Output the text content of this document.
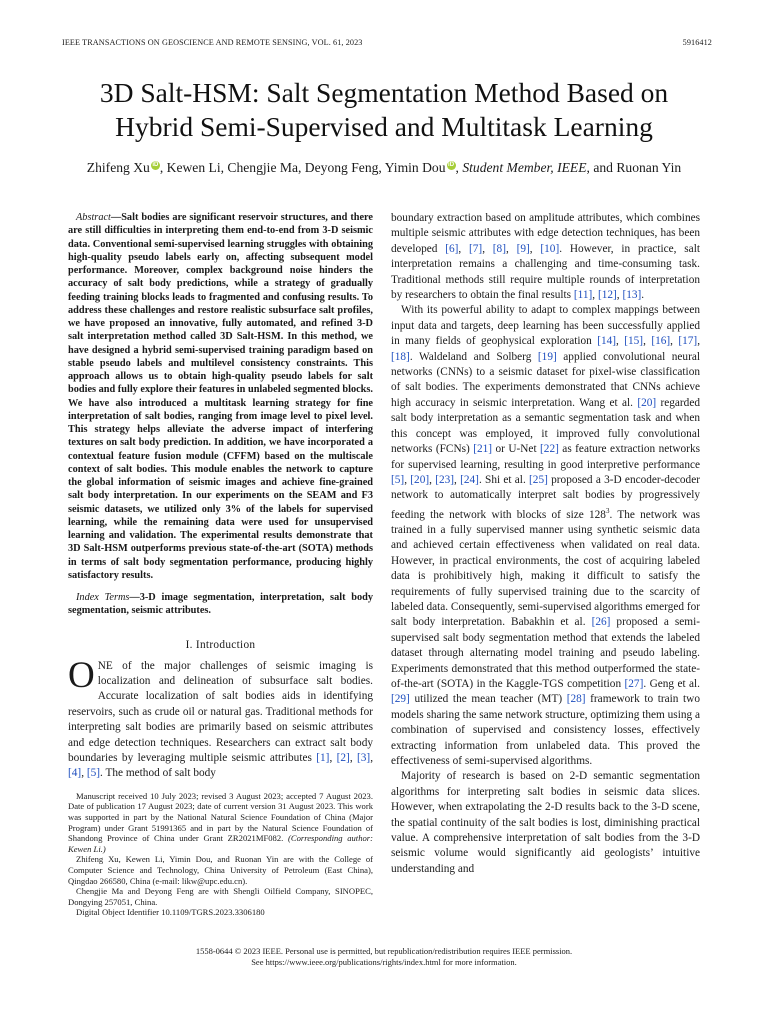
IEEE TRANSACTIONS ON GEOSCIENCE AND REMOTE SENSING, VOL. 61, 2023	5916412
3D Salt-HSM: Salt Segmentation Method Based on
Hybrid Semi-Supervised and Multitask Learning
Zhifeng Xu iD , Kewen Li, Chengjie Ma, Deyong Feng, Yimin Dou iD , Student Member, IEEE, and Ruonan Yin
Abstract—Salt bodies are significant reservoir structures, and there are still difficulties in interpreting them end-to-end from 3-D seismic data. Conventional semi-supervised learning struggles with obtaining high-quality pseudo labels early on, affecting subsequent model performance. Moreover, complex background noise hinders the accuracy of salt body predictions, while a strategy of gradually feeding training blocks leads to fragmented and confusing results. To address these challenges and restore realistic subsurface salt profiles, we have proposed an innovative, fully automated, and refined 3-D salt interpretation method called 3D Salt-HSM. In this method, we have designed a hybrid semi-supervised training paradigm based on stable pseudo labels and multilevel consistency constraints. This approach allows us to obtain high-quality pseudo labels for salt bodies and fully explore their features in unlabeled segmented blocks. We have also introduced a multitask learning strategy for fine interpretation of salt bodies, ranging from image level to pixel level. This strategy helps alleviate the adverse impact of interfering textures on salt body prediction. In addition, we have incorporated a contextual feature fusion module (CFFM) based on the multiscale context of salt bodies. This module enables the network to capture the global information of seismic images and achieve fine-grained salt body interpretation. In our experiments on the SEAM and F3 seismic datasets, we utilized only 3% of the labels for supervised learning, while the remaining data were used for unsupervised learning and validation. The experimental results demonstrate that 3D Salt-HSM outperforms previous state-of-the-art (SOTA) methods in terms of salt body segmentation performance, producing highly satisfactory results.
Index Terms—3-D image segmentation, interpretation, salt body segmentation, seismic attributes.
I. Introduction

ONE of the major challenges of seismic imaging is localization and delineation of subsurface salt bodies. Accurate localization of salt bodies aids in identifying reservoirs, such as crude oil or natural gas. Traditional methods for interpreting salt bodies are primarily based on seismic attributes and edge detection techniques. Researchers can extract salt body boundaries by leveraging multiple seismic attributes [1], [2], [3], [4], [5]. The method of salt body

Manuscript received 10 July 2023; revised 3 August 2023; accepted 7 August 2023. Date of publication 17 August 2023; date of current version 31 August 2023. This work was supported in part by the National Natural Science Foundation of China (Major Program) under Grant 51991365 and in part by the Natural Science Foundation of Shandong Province of China under Grant ZR2021MF082. (Corresponding author: Kewen Li.)

Zhifeng Xu, Kewen Li, Yimin Dou, and Ruonan Yin are with the College of Computer Science and Technology, China University of Petroleum (East China), Qingdao 266580, China (e-mail: likw@upc.edu.cn).

Chengjie Ma and Deyong Feng are with Shengli Oilfield Company, SINOPEC, Dongying 257051, China.

Digital Object Identifier 10.1109/TGRS.2023.3306180

boundary extraction based on amplitude attributes, which combines multiple seismic attributes with edge detection techniques, has been developed [6], [7], [8], [9], [10]. However, in practice, salt interpretation remains a challenging and time-consuming task. Traditional methods still require multiple rounds of interpretation by researchers to obtain the final results [11], [12], [13].

With its powerful ability to adapt to complex mappings between input data and targets, deep learning has been successfully applied in many fields of geophysical exploration [14], [15], [16], [17], [18]. Waldeland and Solberg [19] applied convolutional neural networks (CNNs) to a seismic dataset for pixel-wise classification of salt bodies. The experiments demonstrated that CNNs achieve high accuracy in seismic interpretation. Wang et al. [20] regarded salt body interpretation as a semantic segmentation task and when this concept was employed, it improved fully convolutional networks (FCNs) [21] or U-Net [22] as feature extraction networks for supervised learning, resulting in good interpretive performance [5], [20], [23], [24]. Shi et al. [25] proposed a 3-D encoder-decoder network to automatically interpret salt bodies by progressively feeding the network with blocks of size $128^3$. The network was trained in a fully supervised manner using synthetic seismic data and achieved certain effectiveness when validated on real data. However, in practical environments, the cost of acquiring labeled data is prohibitively high, making it difficult to satisfy the requirements of fully supervised training due to the scarcity of labeled data. Consequently, semi-supervised algorithms emerged for salt body interpretation. Babakhin et al. [26] proposed a semi-supervised salt body segmentation method that extends the labeled dataset through alternating model training and pseudo labeling. Experiments demonstrated that this method outperformed the state-of-the-art (SOTA) in the Kaggle-TGS competition [27]. Geng et al. [29] utilized the mean teacher (MT) [28] framework to train two models sharing the same network structure, optimizing them using a combination of supervised and consistency losses, effectively extracting information from unlabeled data. This proved the effectiveness of semi-supervised algorithms.

Majority of research is based on 2-D semantic segmentation algorithms for interpreting salt bodies in seismic data slices. However, when extrapolating the 2-D results back to the 3-D scene, the spatial continuity of the salt bodies is lost, diminishing practical value. A comprehensive interpretation of salt bodies from the 3-D seismic volume would significantly aid geologists’ intuitive understanding and

1558-0644 © 2023 IEEE. Personal use is permitted, but republication/redistribution requires IEEE permission.
See https://www.ieee.org/publications/rights/index.html for more information.
